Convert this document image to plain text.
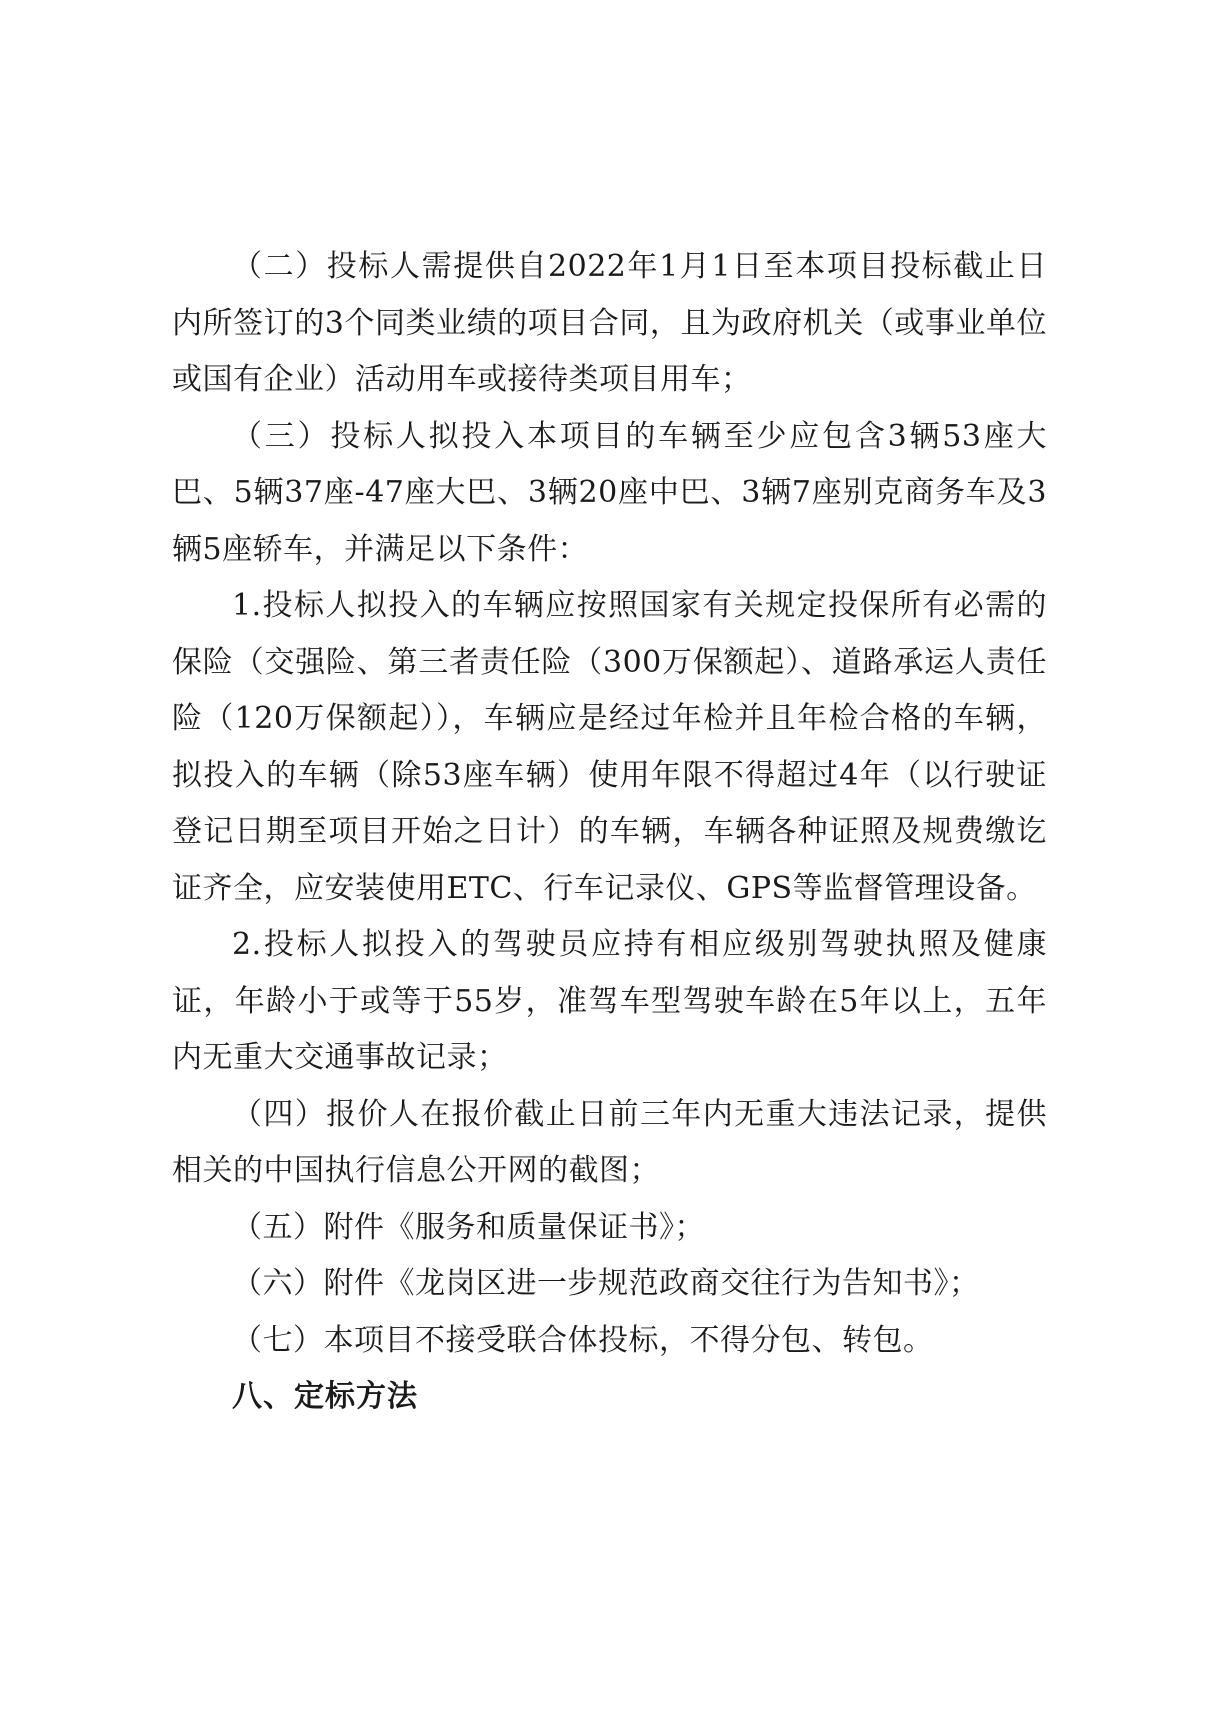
（二）投标人需提供自2022年1月1日至本项目投标截止日内所签订的3个同类业绩的项目合同，且为政府机关（或事业单位或国有企业）活动用车或接待类项目用车；

（三）投标人拟投入本项目的车辆至少应包含3辆53座大巴、5辆37座-47座大巴、3辆20座中巴、3辆7座别克商务车及3辆5座轿车，并满足以下条件：

1.投标人拟投入的车辆应按照国家有关规定投保所有必需的保险（交强险、第三者责任险（300万保额起）、道路承运人责任险（120万保额起）），车辆应是经过年检并且年检合格的车辆，拟投入的车辆（除53座车辆）使用年限不得超过4年（以行驶证登记日期至项目开始之日计）的车辆，车辆各种证照及规费缴讫证齐全，应安装使用ETC、行车记录仪、GPS等监督管理设备。

2.投标人拟投入的驾驶员应持有相应级别驾驶执照及健康证，年龄小于或等于55岁，准驾车型驾驶车龄在5年以上，五年内无重大交通事故记录；

（四）报价人在报价截止日前三年内无重大违法记录，提供相关的中国执行信息公开网的截图；

（五）附件《服务和质量保证书》；

（六）附件《龙岗区进一步规范政商交往行为告知书》；

（七）本项目不接受联合体投标，不得分包、转包。

八、定标方法
